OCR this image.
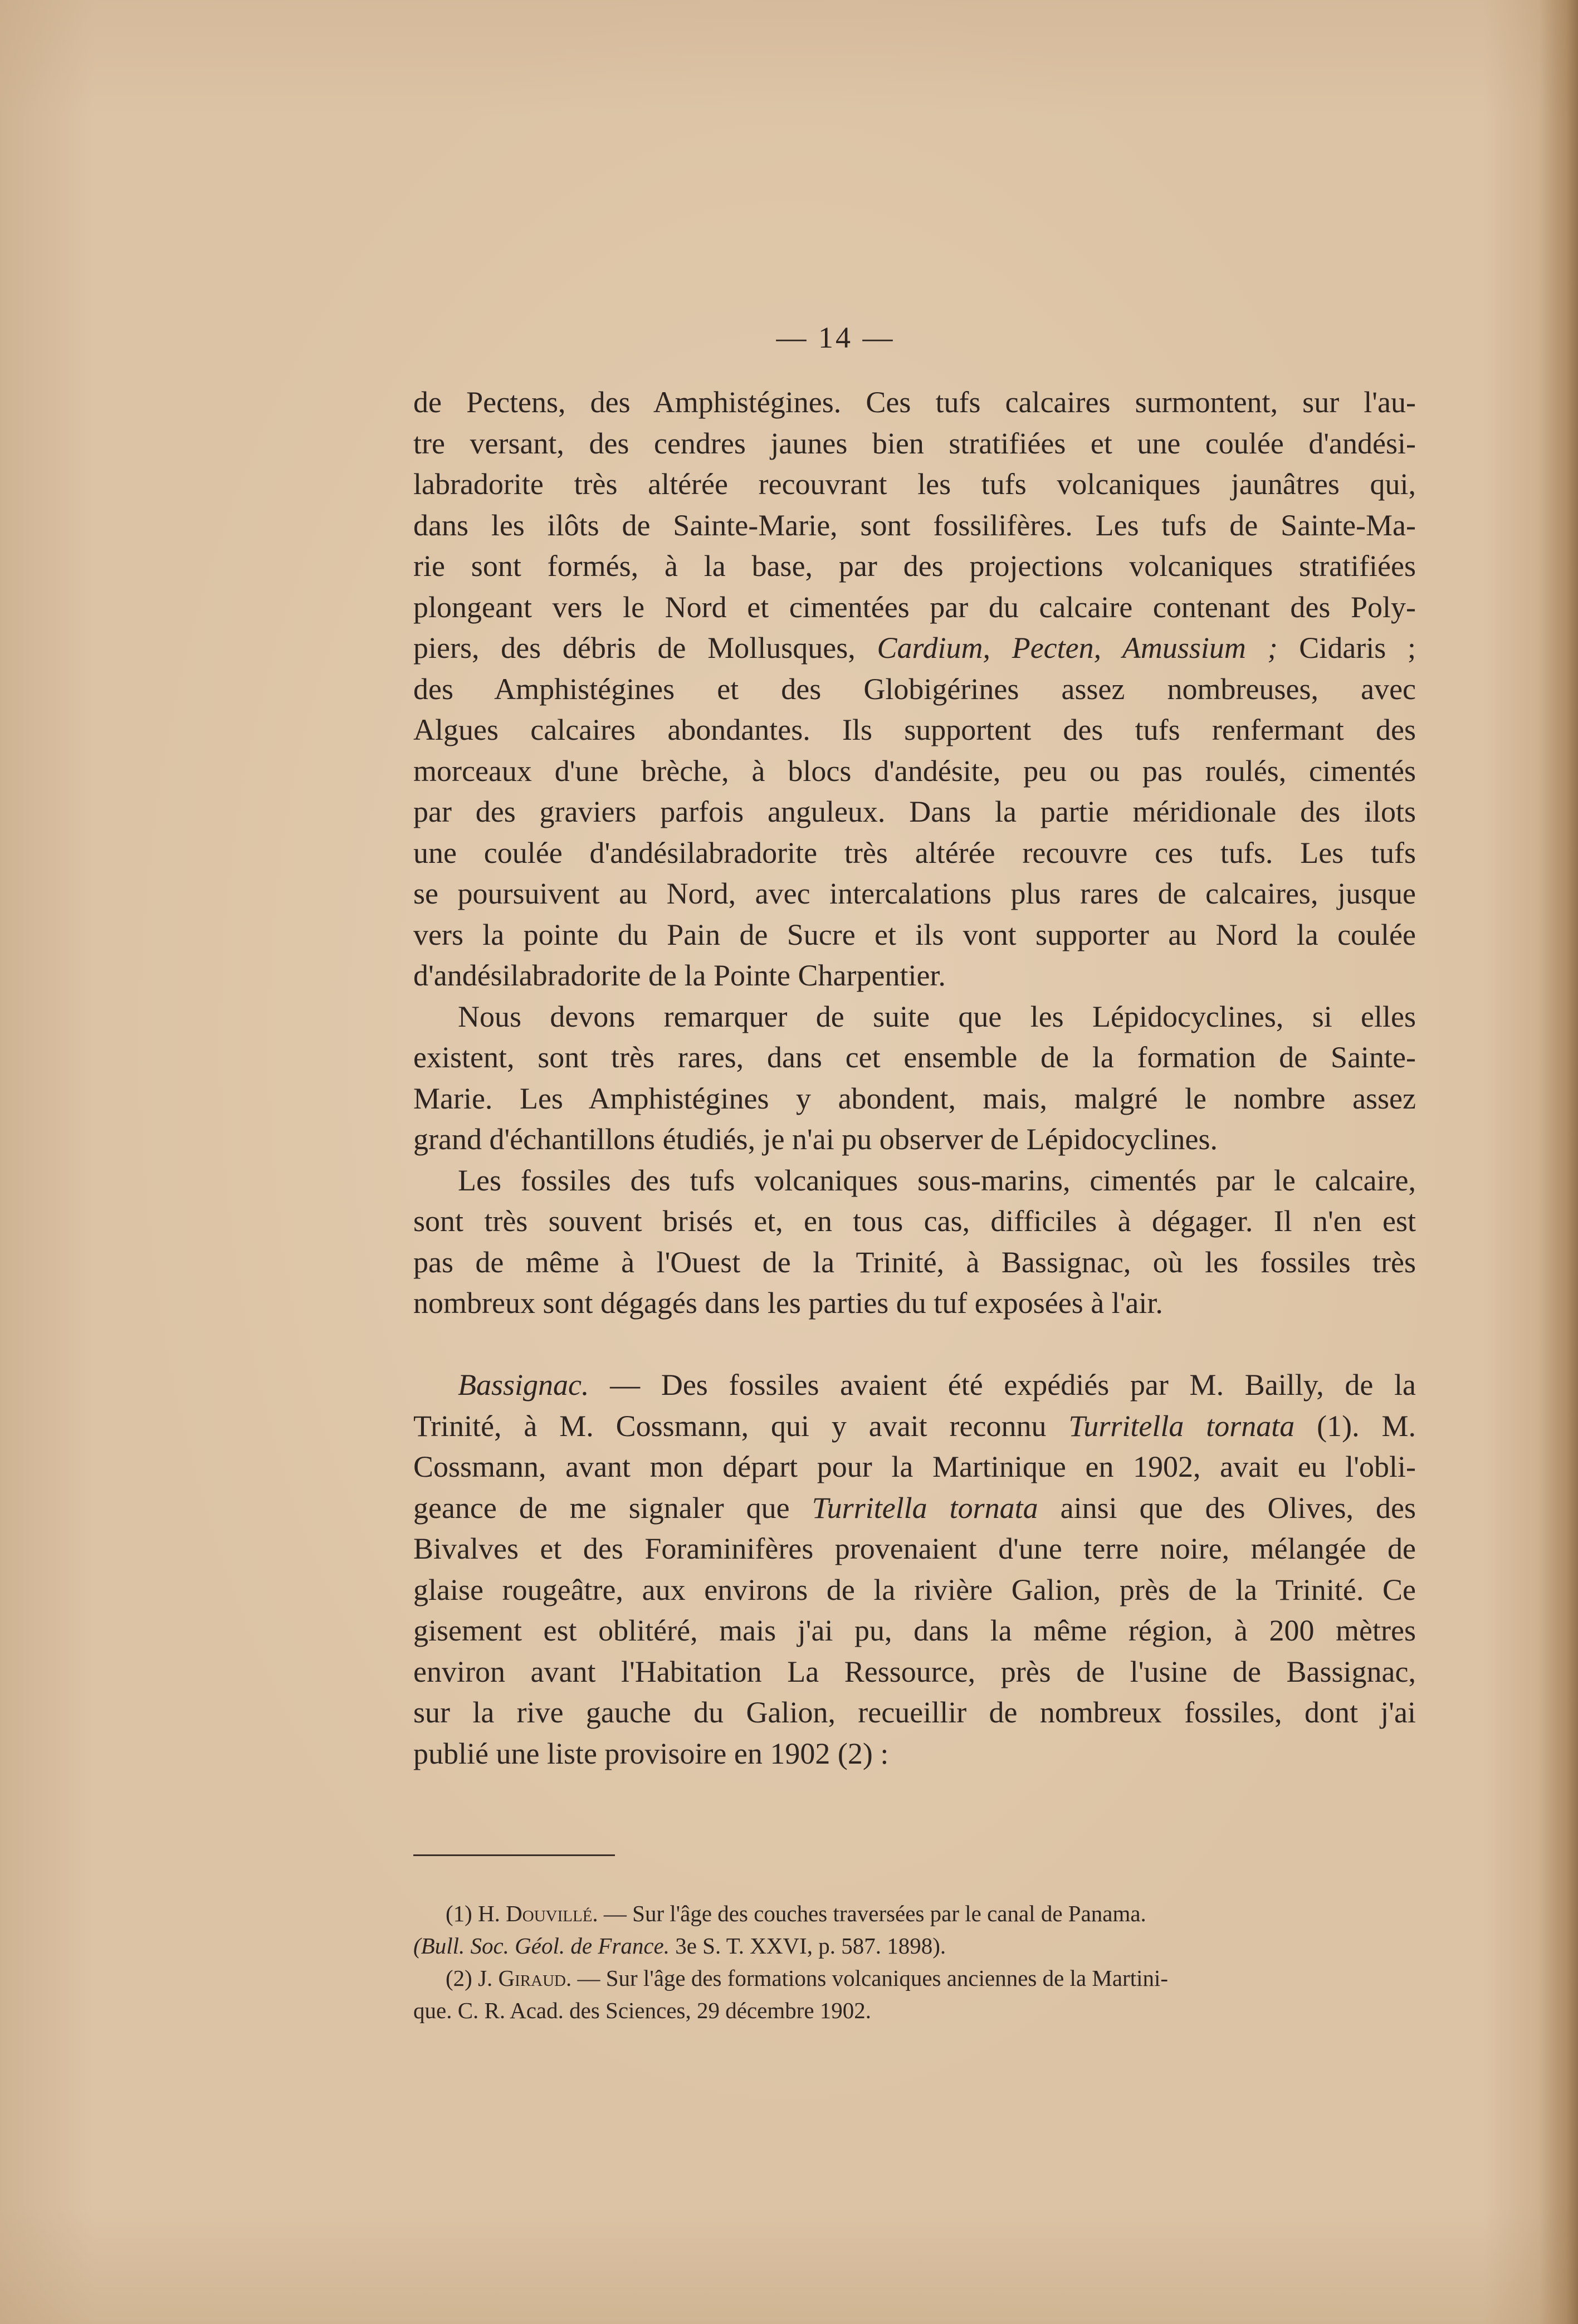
— 14 —
de Pectens, des Amphistégines. Ces tufs calcaires surmontent, sur l'au-
tre versant, des cendres jaunes bien stratifiées et une coulée d'andési-
labradorite très altérée recouvrant les tufs volcaniques jaunâtres qui,
dans les ilôts de Sainte-Marie, sont fossilifères. Les tufs de Sainte-Ma-
rie sont formés, à la base, par des projections volcaniques stratifiées
plongeant vers le Nord et cimentées par du calcaire contenant des Poly-
piers, des débris de Mollusques, Cardium, Pecten, Amussium ; Cidaris ;
des Amphistégines et des Globigérines assez nombreuses, avec
Algues calcaires abondantes. Ils supportent des tufs renfermant des
morceaux d'une brèche, à blocs d'andésite, peu ou pas roulés, cimentés
par des graviers parfois anguleux. Dans la partie méridionale des ilots
une coulée d'andésilabradorite très altérée recouvre ces tufs. Les tufs
se poursuivent au Nord, avec intercalations plus rares de calcaires, jusque
vers la pointe du Pain de Sucre et ils vont supporter au Nord la coulée
d'andésilabradorite de la Pointe Charpentier.
Nous devons remarquer de suite que les Lépidocyclines, si elles
existent, sont très rares, dans cet ensemble de la formation de Sainte-
Marie. Les Amphistégines y abondent, mais, malgré le nombre assez
grand d'échantillons étudiés, je n'ai pu observer de Lépidocyclines.
Les fossiles des tufs volcaniques sous-marins, cimentés par le calcaire,
sont très souvent brisés et, en tous cas, difficiles à dégager. Il n'en est
pas de même à l'Ouest de la Trinité, à Bassignac, où les fossiles très
nombreux sont dégagés dans les parties du tuf exposées à l'air.
Bassignac. — Des fossiles avaient été expédiés par M. Bailly, de la
Trinité, à M. Cossmann, qui y avait reconnu Turritella tornata (1). M.
Cossmann, avant mon départ pour la Martinique en 1902, avait eu l'obli-
geance de me signaler que Turritella tornata ainsi que des Olives, des
Bivalves et des Foraminifères provenaient d'une terre noire, mélangée de
glaise rougeâtre, aux environs de la rivière Galion, près de la Trinité. Ce
gisement est oblitéré, mais j'ai pu, dans la même région, à 200 mètres
environ avant l'Habitation La Ressource, près de l'usine de Bassignac,
sur la rive gauche du Galion, recueillir de nombreux fossiles, dont j'ai
publié une liste provisoire en 1902 (2) :
(1) H. Douvillé. — Sur l'âge des couches traversées par le canal de Panama.
(Bull. Soc. Géol. de France. 3e S. T. XXVI, p. 587. 1898).
(2) J. Giraud. — Sur l'âge des formations volcaniques anciennes de la Martini-
que. C. R. Acad. des Sciences, 29 décembre 1902.
